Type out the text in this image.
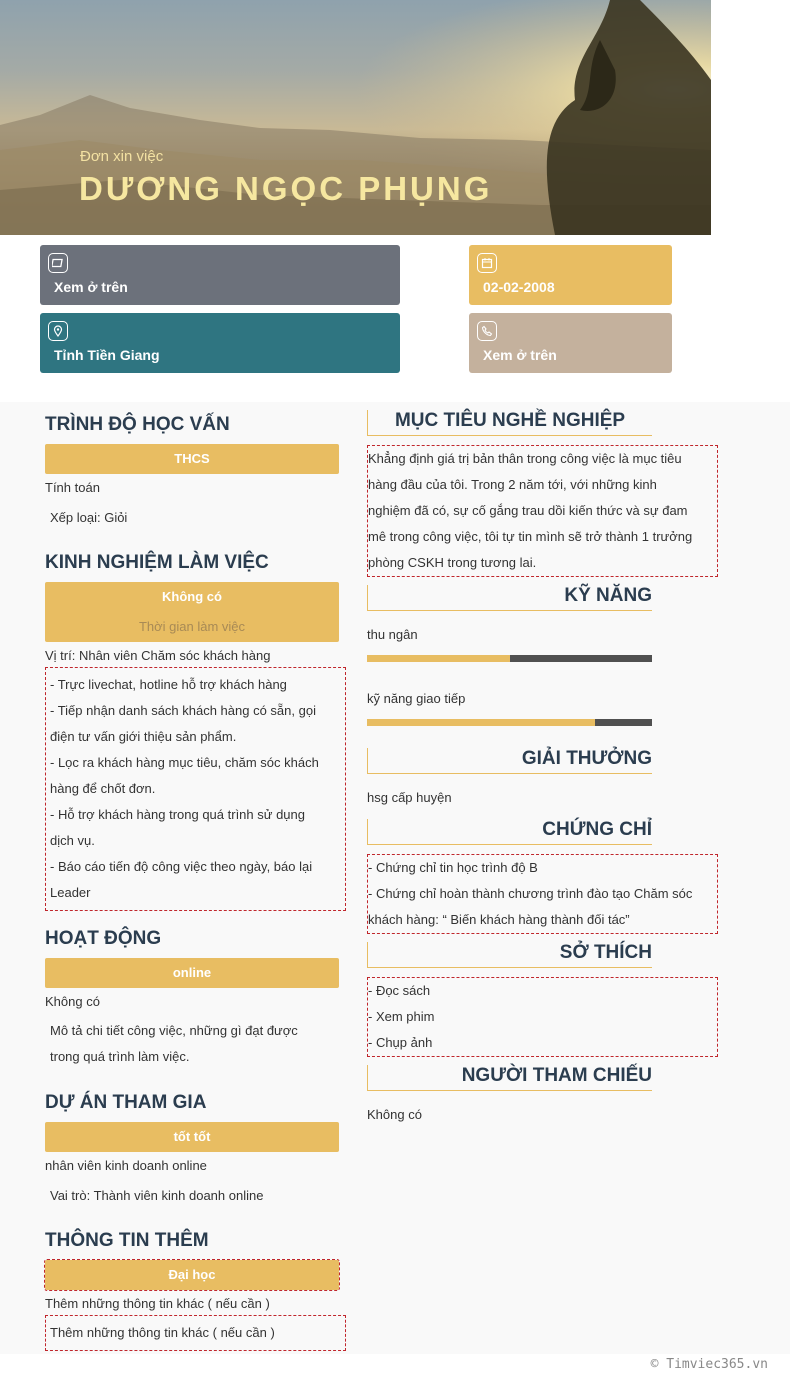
Đơn xin việc
DƯƠNG NGỌC PHỤNG
Xem ở trên	02-02-2008
Tỉnh Tiền Giang	Xem ở trên
TRÌNH ĐỘ HỌC VẤN
THCS
Tính toán
Xếp loại: Giỏi
KINH NGHIỆM LÀM VIỆC
Không có
Thời gian làm việc
Vị trí: Nhân viên Chăm sóc khách hàng
- Trực livechat, hotline hỗ trợ khách hàng
- Tiếp nhận danh sách khách hàng có sẵn, gọi
điện tư vấn giới thiệu sản phẩm.
- Lọc ra khách hàng mục tiêu, chăm sóc khách
hàng để chốt đơn.
- Hỗ trợ khách hàng trong quá trình sử dụng
dịch vụ.
- Báo cáo tiến độ công việc theo ngày, báo lại
Leader
HOẠT ĐỘNG
online
Không có
Mô tả chi tiết công việc, những gì đạt được
trong quá trình làm việc.
DỰ ÁN THAM GIA
tốt tốt
nhân viên kinh doanh online
Vai trò: Thành viên kinh doanh online
THÔNG TIN THÊM
Đại học
Thêm những thông tin khác ( nếu cần )
Thêm những thông tin khác ( nếu cần )
MỤC TIÊU NGHỀ NGHIỆP
Khẳng định giá trị bản thân trong công việc là mục tiêu
hàng đầu của tôi. Trong 2 năm tới, với những kinh
nghiệm đã có, sự cố gắng trau dồi kiến thức và sự đam
mê trong công việc, tôi tự tin mình sẽ trở thành 1 trưởng
phòng CSKH trong tương lai.
KỸ NĂNG
thu ngân
kỹ năng giao tiếp
GIẢI THƯỞNG
hsg cấp huyện
CHỨNG CHỈ
- Chứng chỉ tin học trình độ B
- Chứng chỉ hoàn thành chương trình đào tạo Chăm sóc
khách hàng: “ Biến khách hàng thành đối tác”
SỞ THÍCH
- Đọc sách
- Xem phim
- Chụp ảnh
NGƯỜI THAM CHIẾU
Không có
© Timviec365.vn
